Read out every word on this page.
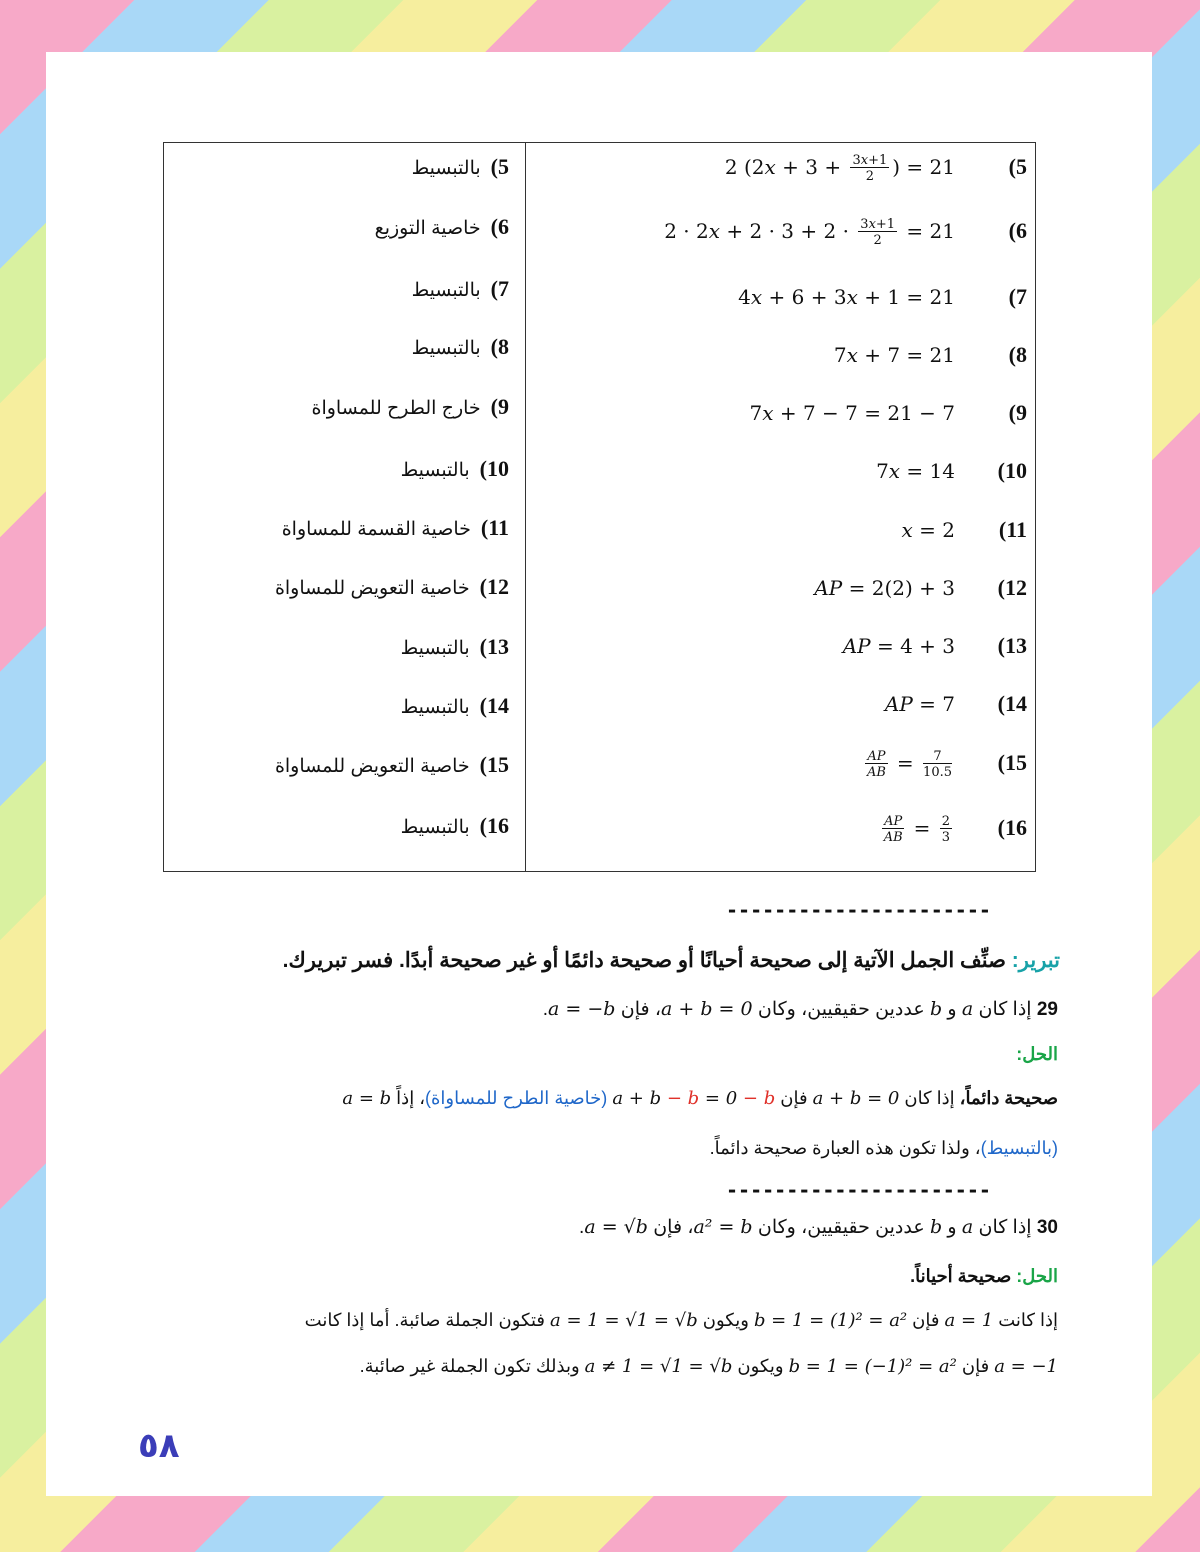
5)بالتبسيط	2 ($2x + 3 + \frac{3x+1}{2}$ ) = 21	(5
6)خاصية التوزيع	$2 \cdot 2x + 2 \cdot 3 + 2 \cdot \frac{3x+1}{2} = 21$	(6
7)بالتبسيط	4x + 6 + 3x + 1 = 21	(7
8)بالتبسيط	7x + 7 = 21	(8
9)خارج الطرح للمساواة	7x + 7 − 7 = 21 − 7	(9
10)بالتبسيط	7x = 14	(10
11)خاصية القسمة للمساواة	x = 2	(11
12)خاصية التعويض للمساواة	AP = 2(2) + 3	(12
13)بالتبسيط	AP = 4 + 3	(13
14)بالتبسيط	AP = 7	(14
15)خاصية التعويض للمساواة	$\frac{AP}{AB} = \frac{7}{10.5}$	(15
16)بالتبسيط	$\frac{AP}{AB} = \frac{2}{3}$	(16
----------------------
تبرير: صنِّف الجمل الآتية إلى صحيحة أحيانًا أو صحيحة دائمًا أو غير صحيحة أبدًا. فسر تبريرك.
29 إذا كان a و b عددين حقيقيين، وكان a + b = 0، فإن a = −b.
الحل:
صحيحة دائماً، إذا كان a + b = 0 فإن a + b − b = 0 − b (خاصية الطرح للمساواة)، إذاً a = b
(بالتبسيط)، ولذا تكون هذه العبارة صحيحة دائماً.
----------------------
30 إذا كان a و b عددين حقيقيين، وكان a² = b، فإن a = √b.
الحل: صحيحة أحياناً.
إذا كانت a = 1 فإن b = 1 = (1)² = a² ويكون a = 1 = √1 = √b فتكون الجملة صائبة. أما إذا كانت
a = −1 فإن b = 1 = (−1)² = a² ويكون a ≠ 1 = √1 = √b وبذلك تكون الجملة غير صائبة.
٥٨
